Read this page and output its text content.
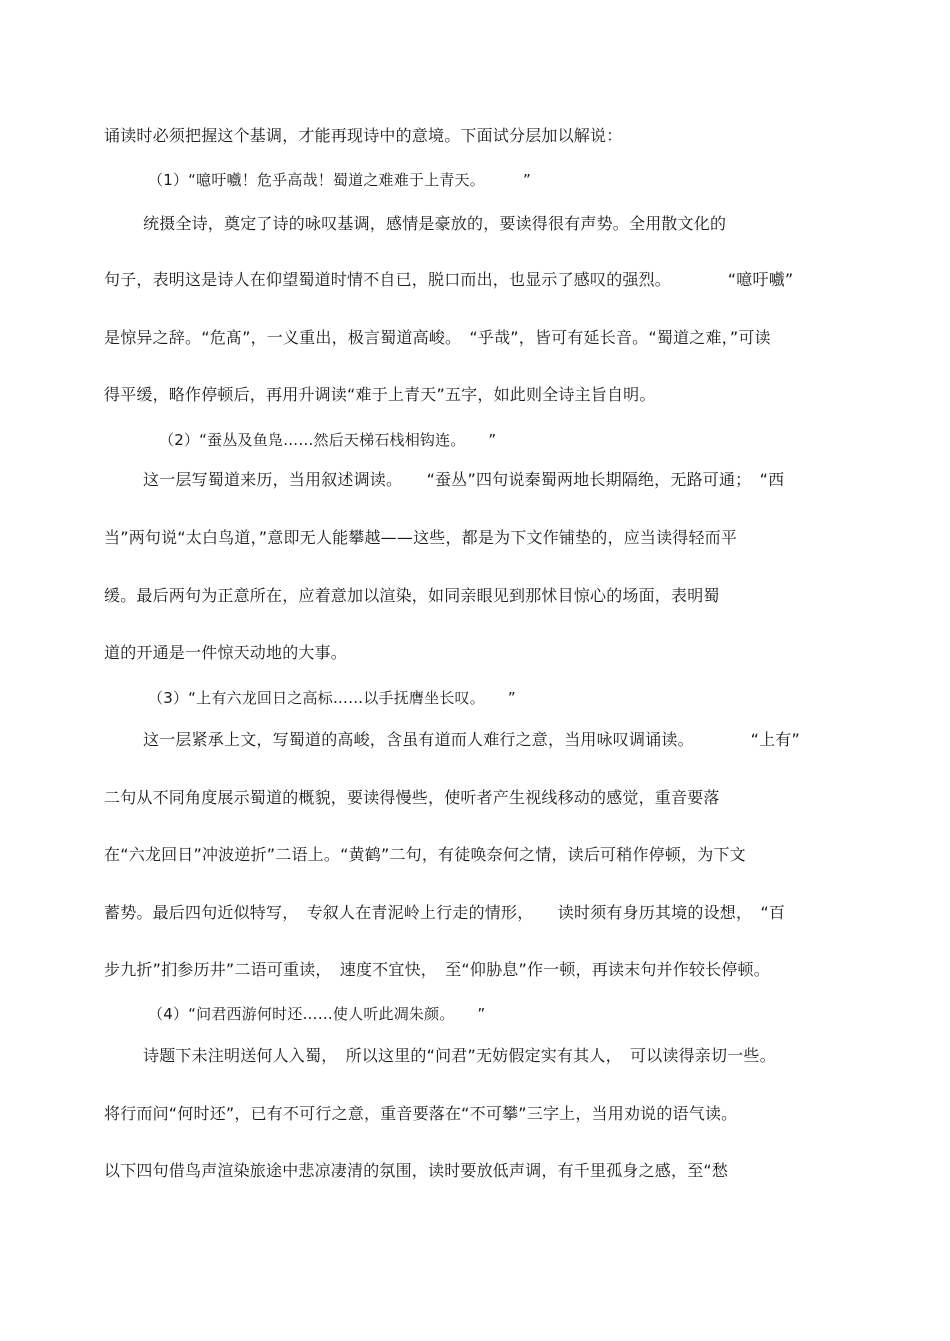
诵读时必须把握这个基调，才能再现诗中的意境。下面试分层加以解说：
（1）“噫吁嚱！危乎高哉！蜀道之难难于上青天。　　　”
统摄全诗，奠定了诗的咏叹基调，感情是豪放的，要读得很有声势。全用散文化的
句子，表明这是诗人在仰望蜀道时情不自已，脱口而出，也显示了感叹的强烈。　　　　“噫吁嚱”
是惊异之辞。“危髙”，一义重出，极言蜀道高峻。　“乎哉”，皆可有延长音。“蜀道之难，”可读
得平缓，略作停顿后，再用升调读“难于上青天”五字，如此则全诗主旨自明。
（2）“蚕丛及鱼凫……然后天梯石栈相钩连。　　”
这一层写蜀道来历，当用叙述调读。　　“蚕丛”四句说秦蜀两地长期隔绝，无路可通；　“西
当”两句说“太白鸟道，”意即无人能攀越——这些，都是为下文作铺垫的，应当读得轻而平
缓。最后两句为正意所在，应着意加以渲染，如同亲眼见到那怵目惊心的场面，表明蜀
道的开通是一件惊天动地的大事。
（3）“上有六龙回日之高标……以手抚膺坐长叹。　　”
这一层紧承上文，写蜀道的高峻，含虽有道而人难行之意，当用咏叹调诵读。　　　　“上有”
二句从不同角度展示蜀道的概貌，要读得慢些，使听者产生视线移动的感觉，重音要落
在“六龙回日”冲波逆折”二语上。“黄鹤”二句，有徒唤奈何之情，读后可稍作停顿，为下文
蓄势。最后四句近似特写，　专叙人在青泥岭上行走的情形，　　读时须有身历其境的设想，　“百
步九折”扪参历井”二语可重读，　速度不宜快，　至“仰胁息”作一顿，再读末句并作较长停顿。
（4）“问君西游何时还……使人听此凋朱颜。　　”
诗题下未注明送何人入蜀，　所以这里的“问君”无妨假定实有其人，　可以读得亲切一些。
将行而问“何时还”，已有不可行之意，重音要落在“不可攀”三字上，当用劝说的语气读。
以下四句借鸟声渲染旅途中悲凉凄清的氛围，读时要放低声调，有千里孤身之感，至“愁
